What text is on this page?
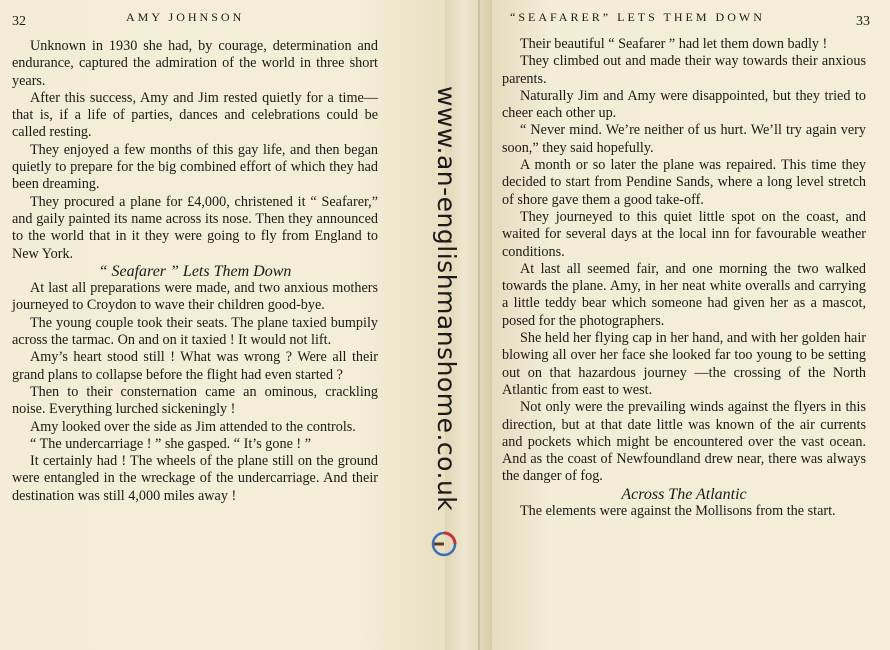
32	AMY JOHNSON

Unknown in 1930 she had, by courage, determination and endurance, captured the admiration of the world in three short years.

After this success, Amy and Jim rested quietly for a time—that is, if a life of parties, dances and celebrations could be called resting.

They enjoyed a few months of this gay life, and then began quietly to prepare for the big combined effort of which they had been dreaming.

They procured a plane for £4,000, christened it “ Seafarer,” and gaily painted its name across its nose. Then they announced to the world that in it they were going to fly from England to New York.

“ Seafarer ” Lets Them Down

At last all preparations were made, and two anxious mothers journeyed to Croydon to wave their children good-bye.

The young couple took their seats. The plane taxied bumpily across the tarmac. On and on it taxied ! It would not lift.

Amy’s heart stood still ! What was wrong ? Were all their grand plans to collapse before the flight had even started ?

Then to their consternation came an ominous, crackling noise. Everything lurched sickeningly !

Amy looked over the side as Jim attended to the controls.

“ The undercarriage ! ” she gasped. “ It’s gone ! ”

It certainly had ! The wheels of the plane still on the ground were entangled in the wreckage of the undercarriage. And their destination was still 4,000 miles away !

“SEAFARER” LETS THEM DOWN	33

Their beautiful “ Seafarer ” had let them down badly !

They climbed out and made their way towards their anxious parents.

Naturally Jim and Amy were disappointed, but they tried to cheer each other up.

“ Never mind. We’re neither of us hurt. We’ll try again very soon,” they said hopefully.

A month or so later the plane was repaired. This time they decided to start from Pendine Sands, where a long level stretch of shore gave them a good take-off.

They journeyed to this quiet little spot on the coast, and waited for several days at the local inn for favourable weather conditions.

At last all seemed fair, and one morning the two walked towards the plane. Amy, in her neat white overalls and carrying a little teddy bear which someone had given her as a mascot, posed for the photographers.

She held her flying cap in her hand, and with her golden hair blowing all over her face she looked far too young to be setting out on that hazardous journey —the crossing of the North Atlantic from east to west.

Not only were the prevailing winds against the flyers in this direction, but at that date little was known of the air currents and pockets which might be encountered over the vast ocean. And as the coast of Newfoundland drew near, there was always the danger of fog.

Across The Atlantic

The elements were against the Mollisons from the start.

www.an-englishmanshome.co.uk
